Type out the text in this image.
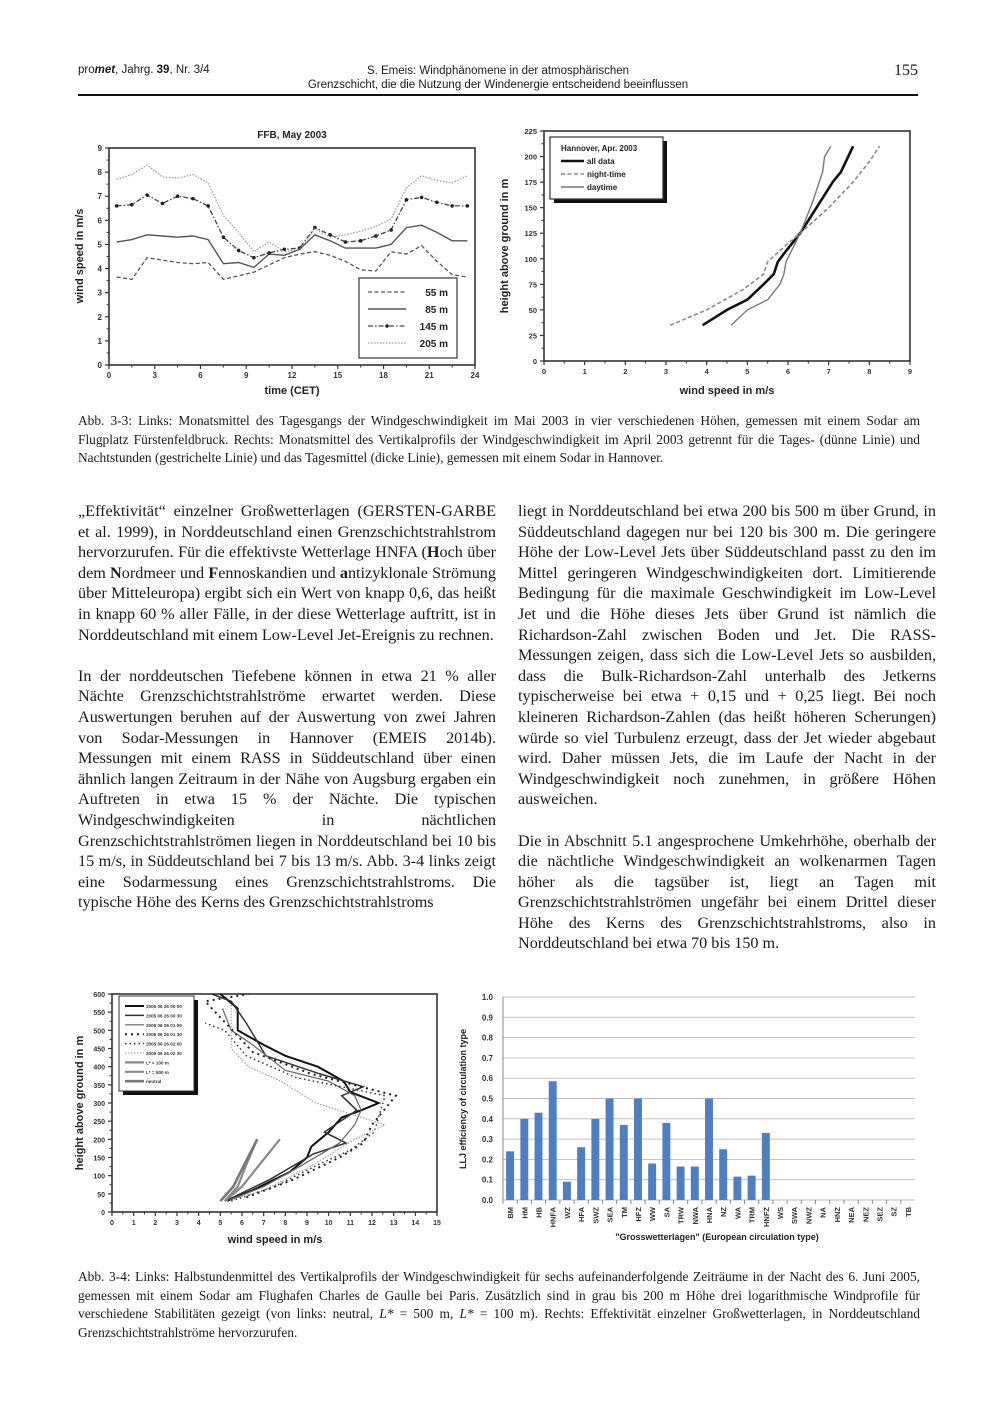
promet, Jahrg. 39, Nr. 3/4	S. Emeis: Windphänomene in der atmosphärischen
Grenzschicht, die die Nutzung der Windenergie entscheidend beeinflussen
155
FFB, May 2003
0	3	6	9	12	15	18	21	24
0
1
2
3
4
5
6
7
8
9
time (CET)
wind speed in m/s	55 m
85 m
145 m
205 m
0	1	2	3	4	5	6	7	8	9
0
25
50
75
100
125
150
175
200
225
wind speed in m/s
height above ground in m
Hannover, Apr. 2003
all data
night-time
daytime
Abb. 3-3: Links: Monatsmittel des Tagesgangs der Windgeschwindigkeit im Mai 2003 in vier verschiedenen Höhen, gemessen mit einem Sodar am Flugplatz Fürstenfeldbruck. Rechts: Monatsmittel des Vertikalprofils der Windgeschwindigkeit im April 2003 getrennt für die Tages- (dünne Linie) und Nachtstunden (gestrichelte Linie) und das Tagesmittel (dicke Linie), gemessen mit einem Sodar in Hannover.

„Effektivität“ einzelner Großwetterlagen (GERSTEN-GARBE et al. 1999), in Norddeutschland einen Grenzschichtstrahlstrom hervorzurufen. Für die effektivste Wetterlage HNFA (Hoch über dem Nordmeer und Fennoskandien und antizyklonale Strömung über Mitteleuropa) ergibt sich ein Wert von knapp 0,6, das heißt in knapp 60 % aller Fälle, in der diese Wetterlage auftritt, ist in Norddeutschland mit einem Low-Level Jet-Ereignis zu rechnen.

In der norddeutschen Tiefebene können in etwa 21 % aller Nächte Grenzschichtstrahlströme erwartet werden. Diese Auswertungen beruhen auf der Auswertung von zwei Jahren von Sodar-Messungen in Hannover (EMEIS 2014b). Messungen mit einem RASS in Süddeutschland über einen ähnlich langen Zeitraum in der Nähe von Augsburg ergaben ein Auftreten in etwa 15 % der Nächte. Die typischen Windgeschwindigkeiten in nächtlichen Grenzschichtstrahlströmen liegen in Norddeutschland bei 10 bis 15 m/s, in Süddeutschland bei 7 bis 13 m/s. Abb. 3-4 links zeigt eine Sodarmessung eines Grenzschichtstrahlstroms. Die typische Höhe des Kerns des Grenzschichtstrahlstroms

liegt in Norddeutschland bei etwa 200 bis 500 m über Grund, in Süddeutschland dagegen nur bei 120 bis 300 m. Die geringere Höhe der Low-Level Jets über Süddeutschland passt zu den im Mittel geringeren Windgeschwindigkeiten dort. Limitierende Bedingung für die maximale Geschwindigkeit im Low-Level Jet und die Höhe dieses Jets über Grund ist nämlich die Richardson-Zahl zwischen Boden und Jet. Die RASS-Messungen zeigen, dass sich die Low-Level Jets so ausbilden, dass die Bulk-Richardson-Zahl unterhalb des Jetkerns typischerweise bei etwa + 0,15 und + 0,25 liegt. Bei noch kleineren Richardson-Zahlen (das heißt höheren Scherungen) würde so viel Turbulenz erzeugt, dass der Jet wieder abgebaut wird. Daher müssen Jets, die im Laufe der Nacht in der Windgeschwindigkeit noch zunehmen, in größere Höhen ausweichen.

Die in Abschnitt 5.1 angesprochene Umkehrhöhe, oberhalb der die nächtliche Windgeschwindigkeit an wolkenarmen Tagen höher als die tagsüber ist, liegt an Tagen mit Grenzschichtstrahlströmen ungefähr bei einem Drittel dieser Höhe des Kerns des Grenzschichtstrahlstroms, also in Norddeutschland bei etwa 70 bis 150 m.

0	1	2	3	4	5	6	7	8	9 10 11 12 13 14 15
0
50
100
150
200
250
300
350
400
450
500
550
600
wind speed in m/s
height above ground in m
2005 06 26 00 00
2005 06 26 00 30
2005 06 26 01 00
2005 06 26 01 30
2005 06 26 02 00
2005 06 26 02 30
L* = 100 m
L* = 500 m
neutral
0.0
0.1
0.2
0.3
0.4
0.5
0.6
0.7
0.8
0.9
1.0
BM HM HB HNFA WZ HFA SWZ SEA TM HFZ WW SA TRW NWA HNA NZ WA TRM HNFZ WS SWA NWZ NA HNZ NEA NEZ SEZ SZ TB
"Grosswetterlagen" (European circulation type)
LLJ efficiency of circulation type
Abb. 3-4: Links: Halbstundenmittel des Vertikalprofils der Windgeschwindigkeit für sechs aufeinanderfolgende Zeiträume in der Nacht des 6. Juni 2005, gemessen mit einem Sodar am Flughafen Charles de Gaulle bei Paris. Zusätzlich sind in grau bis 200 m Höhe drei logarithmische Windprofile für verschiedene Stabilitäten gezeigt (von links: neutral, L* = 500 m, L* = 100 m). Rechts: Effektivität einzelner Großwetterlagen, in Norddeutschland Grenzschichtstrahlströme hervorzurufen.
